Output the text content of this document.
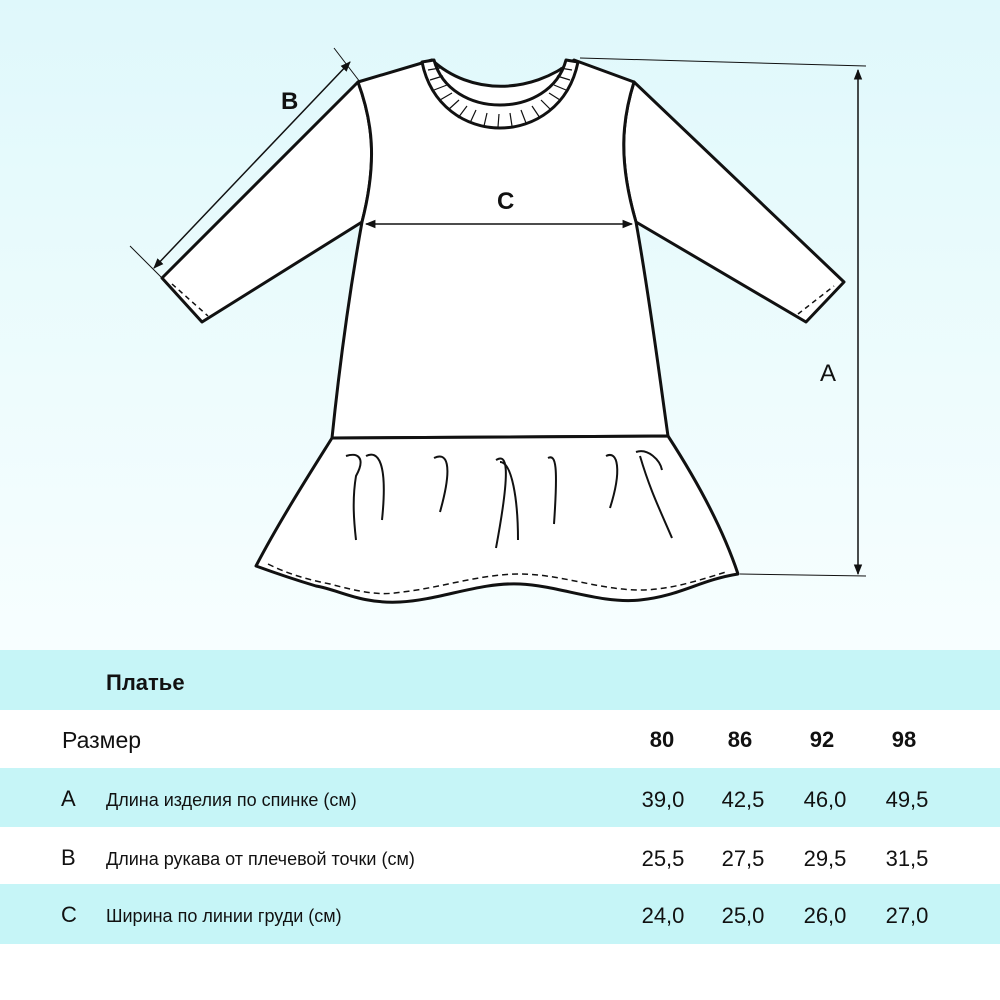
B
C
A
Платье
Размер	80	86	92	98
A Длина изделия по спинке (см)	39,0	42,5	46,0	49,5
B Длина рукава от плечевой точки (см)	25,5	27,5	29,5	31,5
C Ширина по линии груди (см)	24,0	25,0	26,0	27,0
